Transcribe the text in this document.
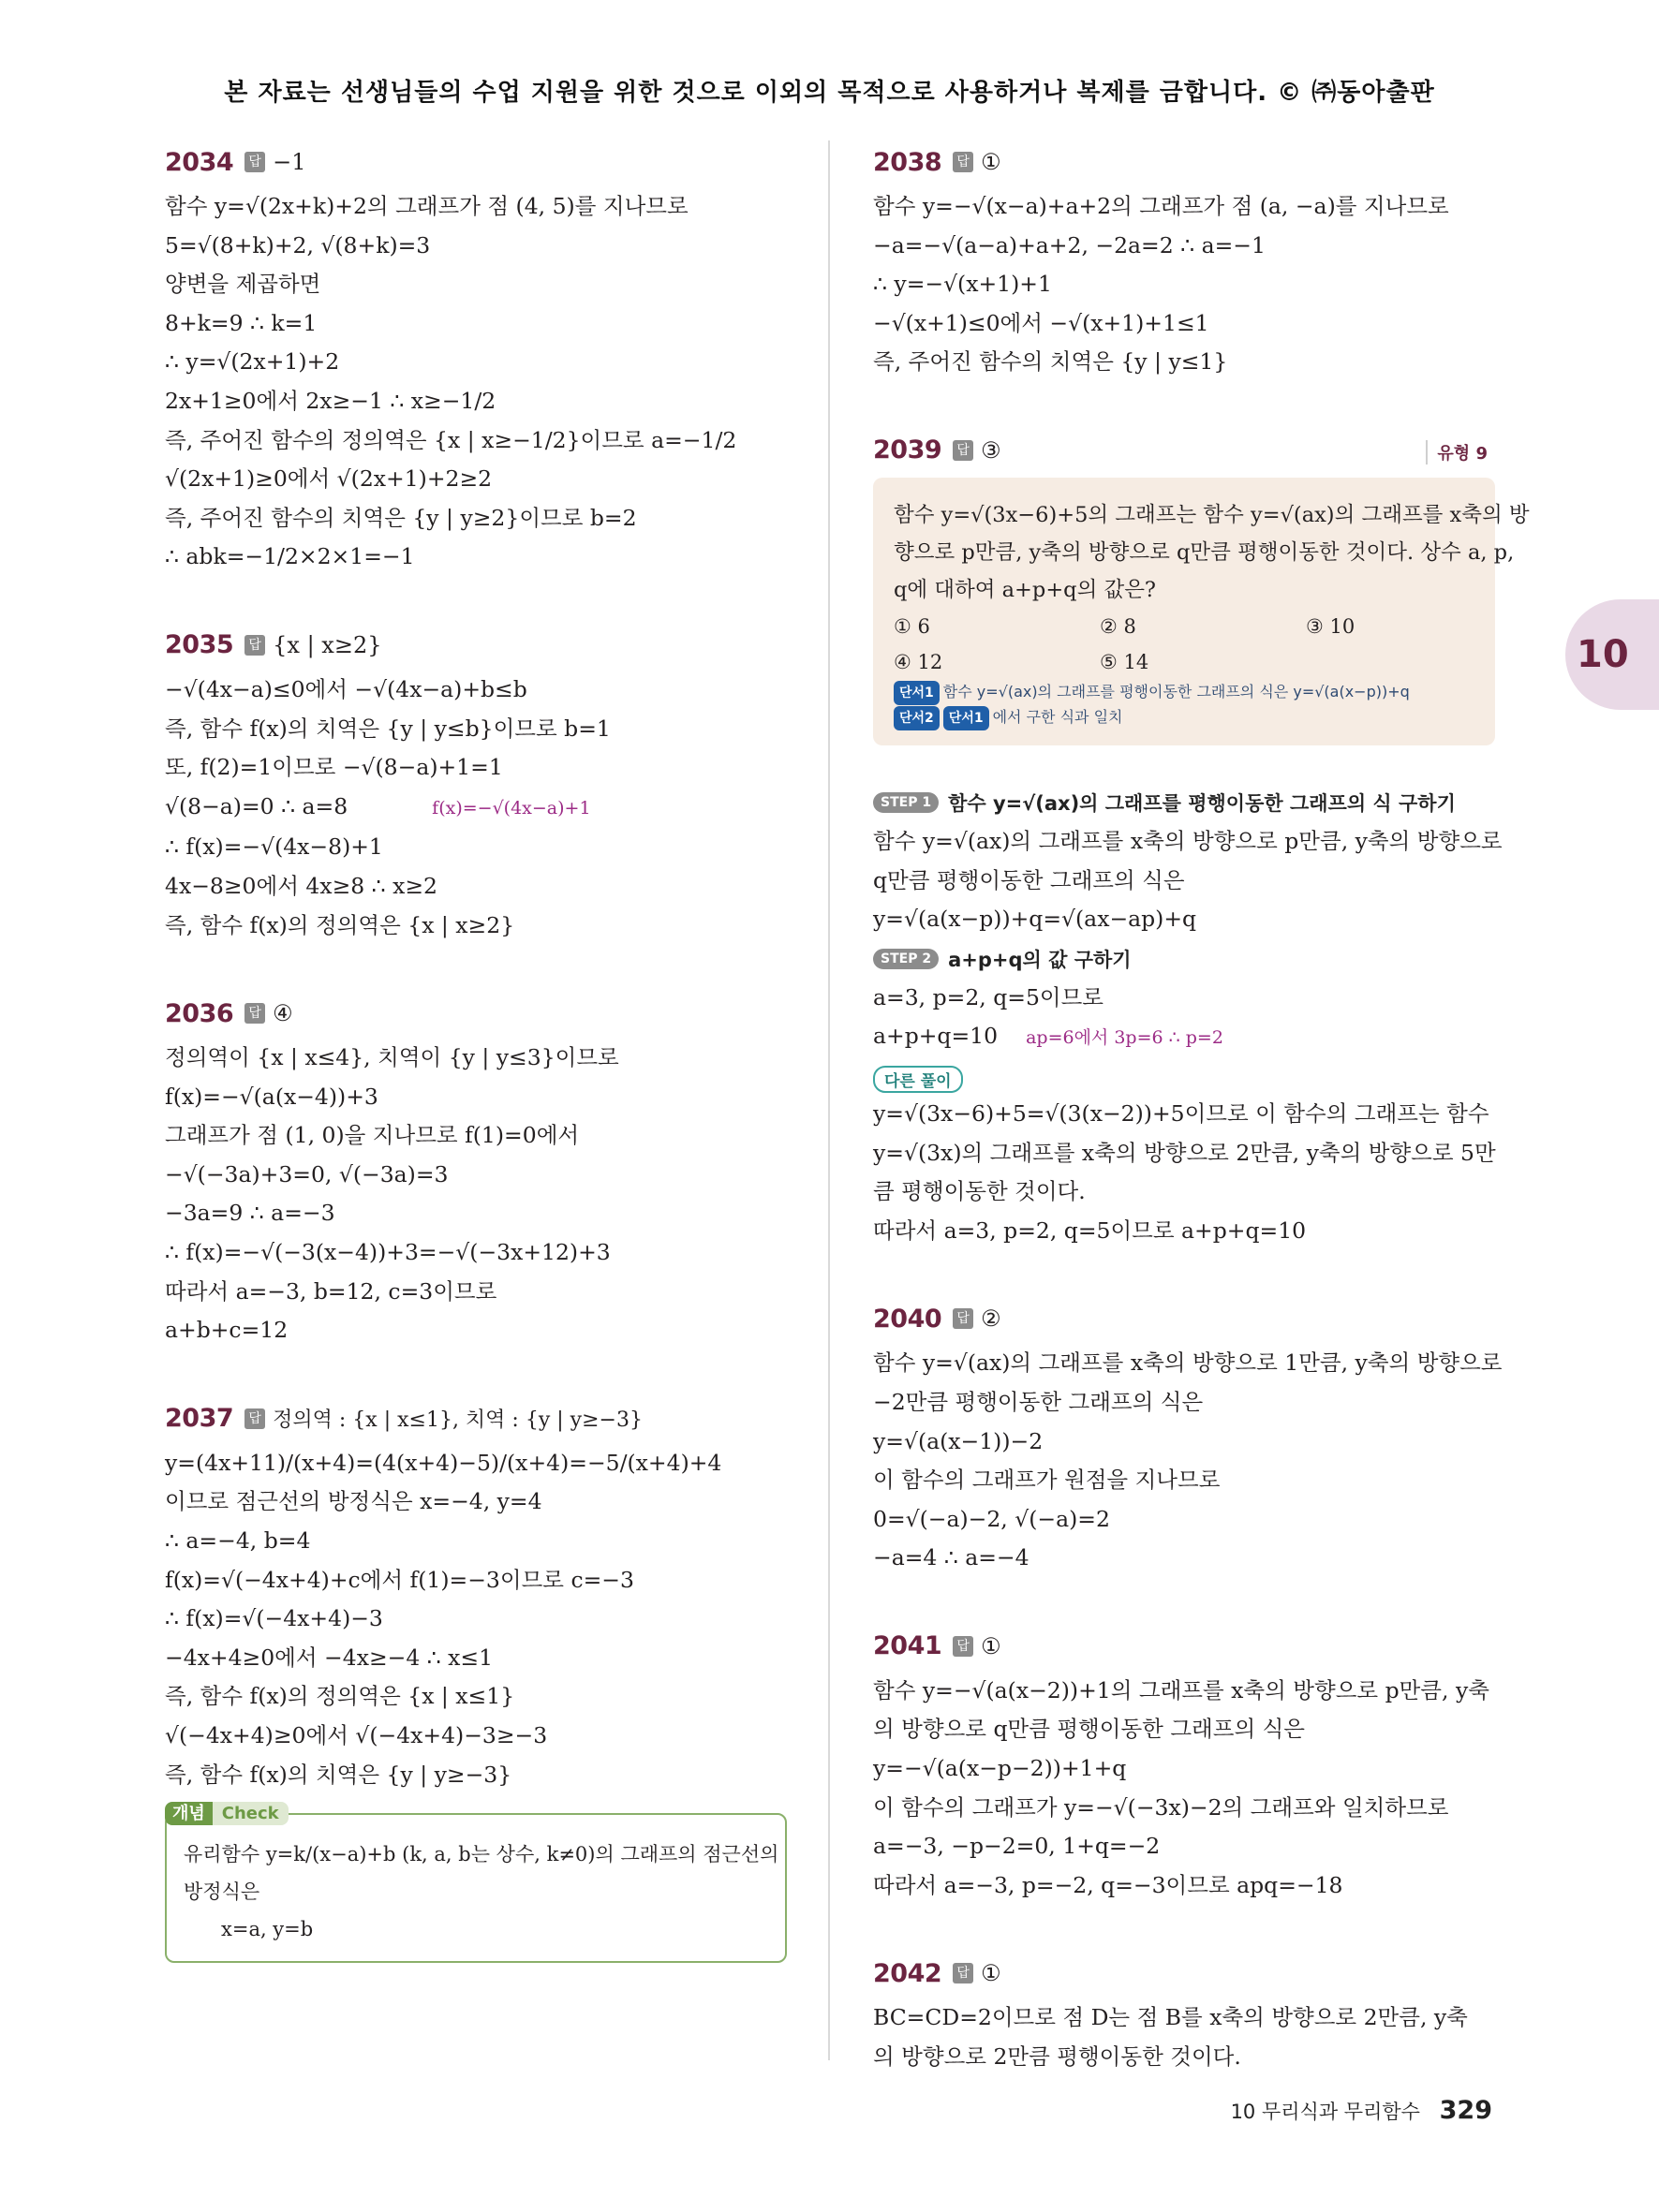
본 자료는 선생님들의 수업 지원을 위한 것으로 이외의 목적으로 사용하거나 복제를 금합니다. © ㈜동아출판
2034	답 −1
함수 y=√(2x+k)+2의 그래프가 점 (4, 5)를 지나므로
5=√(8+k)+2, √(8+k)=3
양변을 제곱하면
8+k=9 ∴ k=1
∴ y=√(2x+1)+2
2x+1≥0에서 2x≥−1 ∴ x≥−1/2
즉, 주어진 함수의 정의역은 {x | x≥−1/2}이므로 a=−1/2
√(2x+1)≥0에서 √(2x+1)+2≥2
즉, 주어진 함수의 치역은 {y | y≥2}이므로 b=2
∴ abk=−1/2×2×1=−1
2035	답 {x | x≥2}
−√(4x−a)≤0에서 −√(4x−a)+b≤b
즉, 함수 f(x)의 치역은 {y | y≤b}이므로 b=1
또, f(2)=1이므로 −√(8−a)+1=1
√(8−a)=0 ∴ a=8	f(x)=−√(4x−a)+1
∴ f(x)=−√(4x−8)+1
4x−8≥0에서 4x≥8 ∴ x≥2
즉, 함수 f(x)의 정의역은 {x | x≥2}
2036	답 ④
정의역이 {x | x≤4}, 치역이 {y | y≤3}이므로
f(x)=−√(a(x−4))+3
그래프가 점 (1, 0)을 지나므로 f(1)=0에서
−√(−3a)+3=0, √(−3a)=3
−3a=9 ∴ a=−3
∴ f(x)=−√(−3(x−4))+3=−√(−3x+12)+3
따라서 a=−3, b=12, c=3이므로
a+b+c=12
2037	답 정의역 : {x | x≤1}, 치역 : {y | y≥−3}
y=(4x+11)/(x+4)=(4(x+4)−5)/(x+4)=−5/(x+4)+4
이므로 점근선의 방정식은 x=−4, y=4
∴ a=−4, b=4
f(x)=√(−4x+4)+c에서 f(1)=−3이므로 c=−3
∴ f(x)=√(−4x+4)−3
−4x+4≥0에서 −4x≥−4 ∴ x≤1
즉, 함수 f(x)의 정의역은 {x | x≤1}
√(−4x+4)≥0에서 √(−4x+4)−3≥−3
즉, 함수 f(x)의 치역은 {y | y≥−3}
개념 Check
유리함수 y=k/(x−a)+b (k, a, b는 상수, k≠0)의 그래프의 점근선의
방정식은
x=a, y=b
2038	답 ①
함수 y=−√(x−a)+a+2의 그래프가 점 (a, −a)를 지나므로
−a=−√(a−a)+a+2, −2a=2 ∴ a=−1
∴ y=−√(x+1)+1
−√(x+1)≤0에서 −√(x+1)+1≤1
즉, 주어진 함수의 치역은 {y | y≤1}
2039	답 ③	유형 9
함수 y=√(3x−6)+5의 그래프는 함수 y=√(ax)의 그래프를 x축의 방
향으로 p만큼, y축의 방향으로 q만큼 평행이동한 것이다. 상수 a, p,
q에 대하여 a+p+q의 값은?
① 6	② 8	③ 10
④ 12	⑤ 14
단서1 함수 y=√(ax)의 그래프를 평행이동한 그래프의 식은 y=√(a(x−p))+q
단서2 단서1 에서 구한 식과 일치
STEP 1 함수 y=√(ax)의 그래프를 평행이동한 그래프의 식 구하기
함수 y=√(ax)의 그래프를 x축의 방향으로 p만큼, y축의 방향으로
q만큼 평행이동한 그래프의 식은
y=√(a(x−p))+q=√(ax−ap)+q
STEP 2 a+p+q의 값 구하기
a=3, p=2, q=5이므로
a+p+q=10 ap=6에서 3p=6 ∴ p=2
다른 풀이
y=√(3x−6)+5=√(3(x−2))+5이므로 이 함수의 그래프는 함수
y=√(3x)의 그래프를 x축의 방향으로 2만큼, y축의 방향으로 5만
큼 평행이동한 것이다.
따라서 a=3, p=2, q=5이므로 a+p+q=10
2040	답 ②
함수 y=√(ax)의 그래프를 x축의 방향으로 1만큼, y축의 방향으로
−2만큼 평행이동한 그래프의 식은
y=√(a(x−1))−2
이 함수의 그래프가 원점을 지나므로
0=√(−a)−2, √(−a)=2
−a=4 ∴ a=−4
2041	답 ①
함수 y=−√(a(x−2))+1의 그래프를 x축의 방향으로 p만큼, y축
의 방향으로 q만큼 평행이동한 그래프의 식은
y=−√(a(x−p−2))+1+q
이 함수의 그래프가 y=−√(−3x)−2의 그래프와 일치하므로
a=−3, −p−2=0, 1+q=−2
따라서 a=−3, p=−2, q=−3이므로 apq=−18
2042	답 ①
BC=CD=2이므로 점 D는 점 B를 x축의 방향으로 2만큼, y축
의 방향으로 2만큼 평행이동한 것이다.
10
10 무리식과 무리함수 329
